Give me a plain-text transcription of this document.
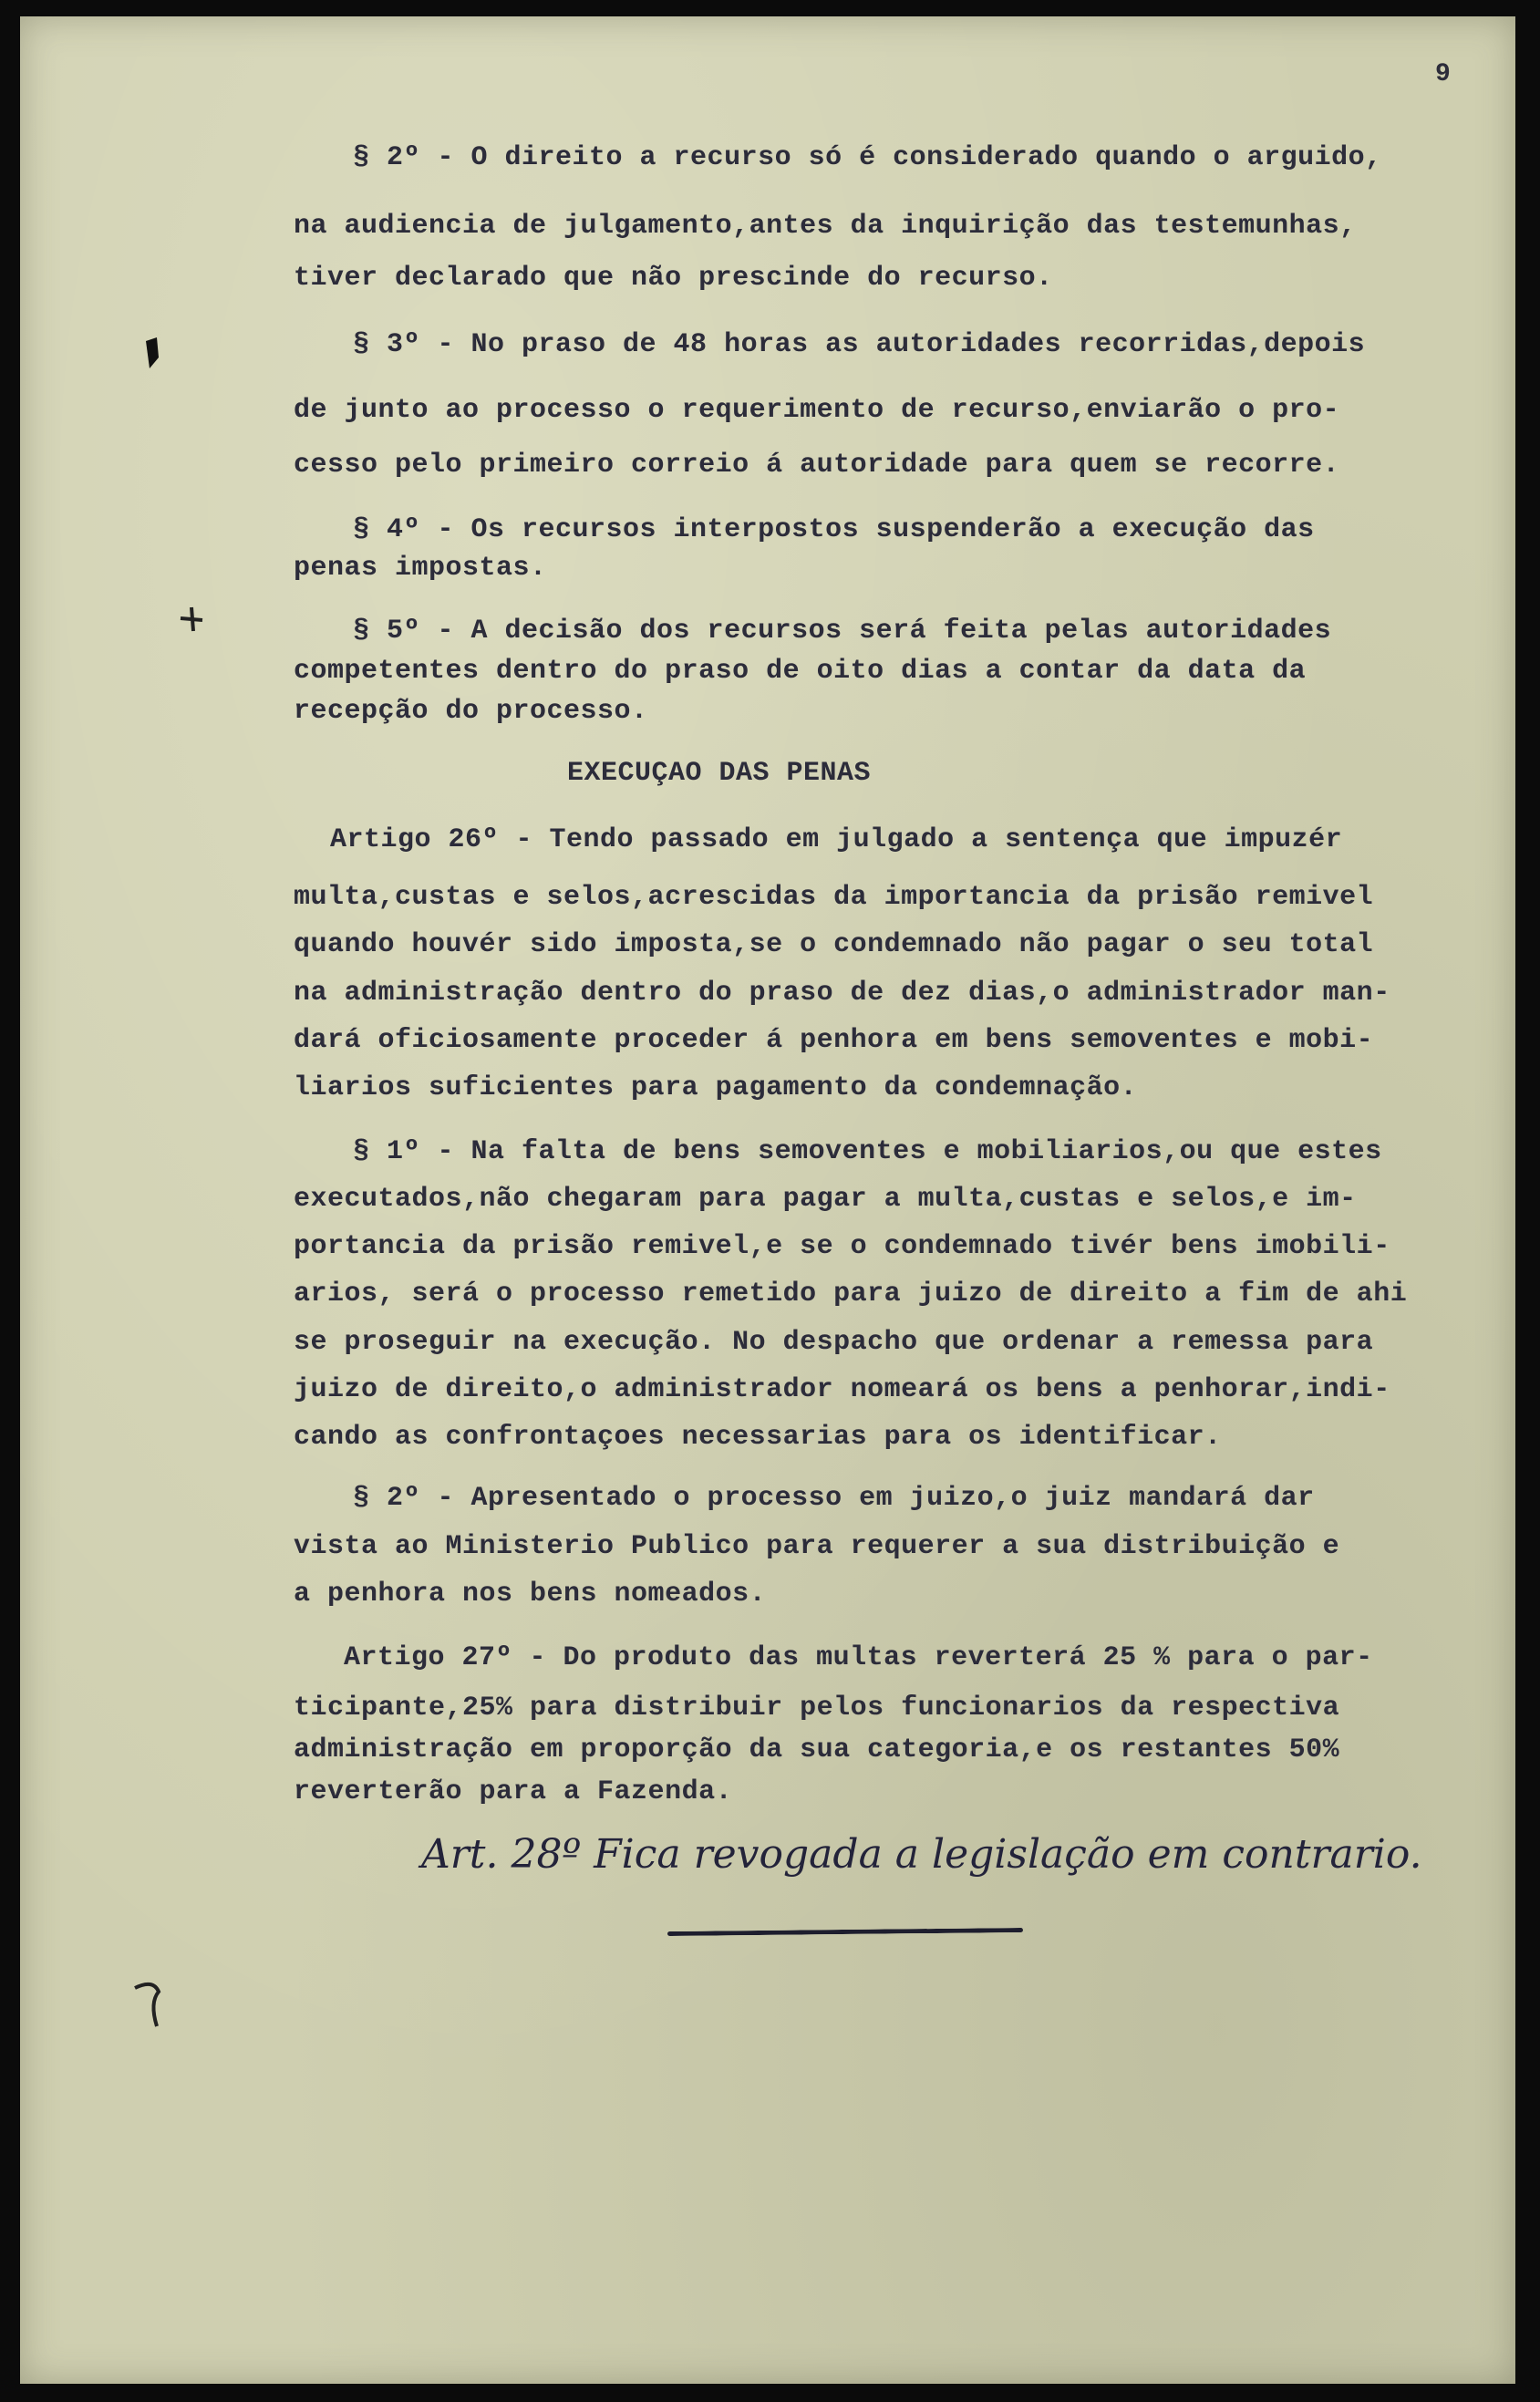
9
§ 2º - O direito a recurso só é considerado quando o arguido,
na audiencia de julgamento,antes da inquirição das testemunhas,
tiver declarado que não prescinde do recurso.
§ 3º - No praso de 48 horas as autoridades recorridas,depois
de junto ao processo o requerimento de recurso,enviarão o pro-
cesso pelo primeiro correio á autoridade para quem se recorre.
§ 4º - Os recursos interpostos suspenderão a execução das
penas impostas.
§ 5º - A decisão dos recursos será feita pelas autoridades
competentes dentro do praso de oito dias a contar da data da
recepção do processo.
EXECUÇAO DAS PENAS
Artigo 26º - Tendo passado em julgado a sentença que impuzér
multa,custas e selos,acrescidas da importancia da prisão remivel
quando houvér sido imposta,se o condemnado não pagar o seu total
na administração dentro do praso de dez dias,o administrador man-
dará oficiosamente proceder á penhora em bens semoventes e mobi-
liarios suficientes para pagamento da condemnação.
§ 1º - Na falta de bens semoventes e mobiliarios,ou que estes
executados,não chegaram para pagar a multa,custas e selos,e im-
portancia da prisão remivel,e se o condemnado tivér bens imobili-
arios, será o processo remetido para juizo de direito a fim de ahi
se proseguir na execução. No despacho que ordenar a remessa para
juizo de direito,o administrador nomeará os bens a penhorar,indi-
cando as confrontaçoes necessarias para os identificar.
§ 2º - Apresentado o processo em juizo,o juiz mandará dar
vista ao Ministerio Publico para requerer a sua distribuição e
a penhora nos bens nomeados.
Artigo 27º - Do produto das multas reverterá 25 % para o par-
ticipante,25% para distribuir pelos funcionarios da respectiva
administração em proporção da sua categoria,e os restantes 50%
reverterão para a Fazenda.
Art. 28º Fica revogada a legislação em contrario.
